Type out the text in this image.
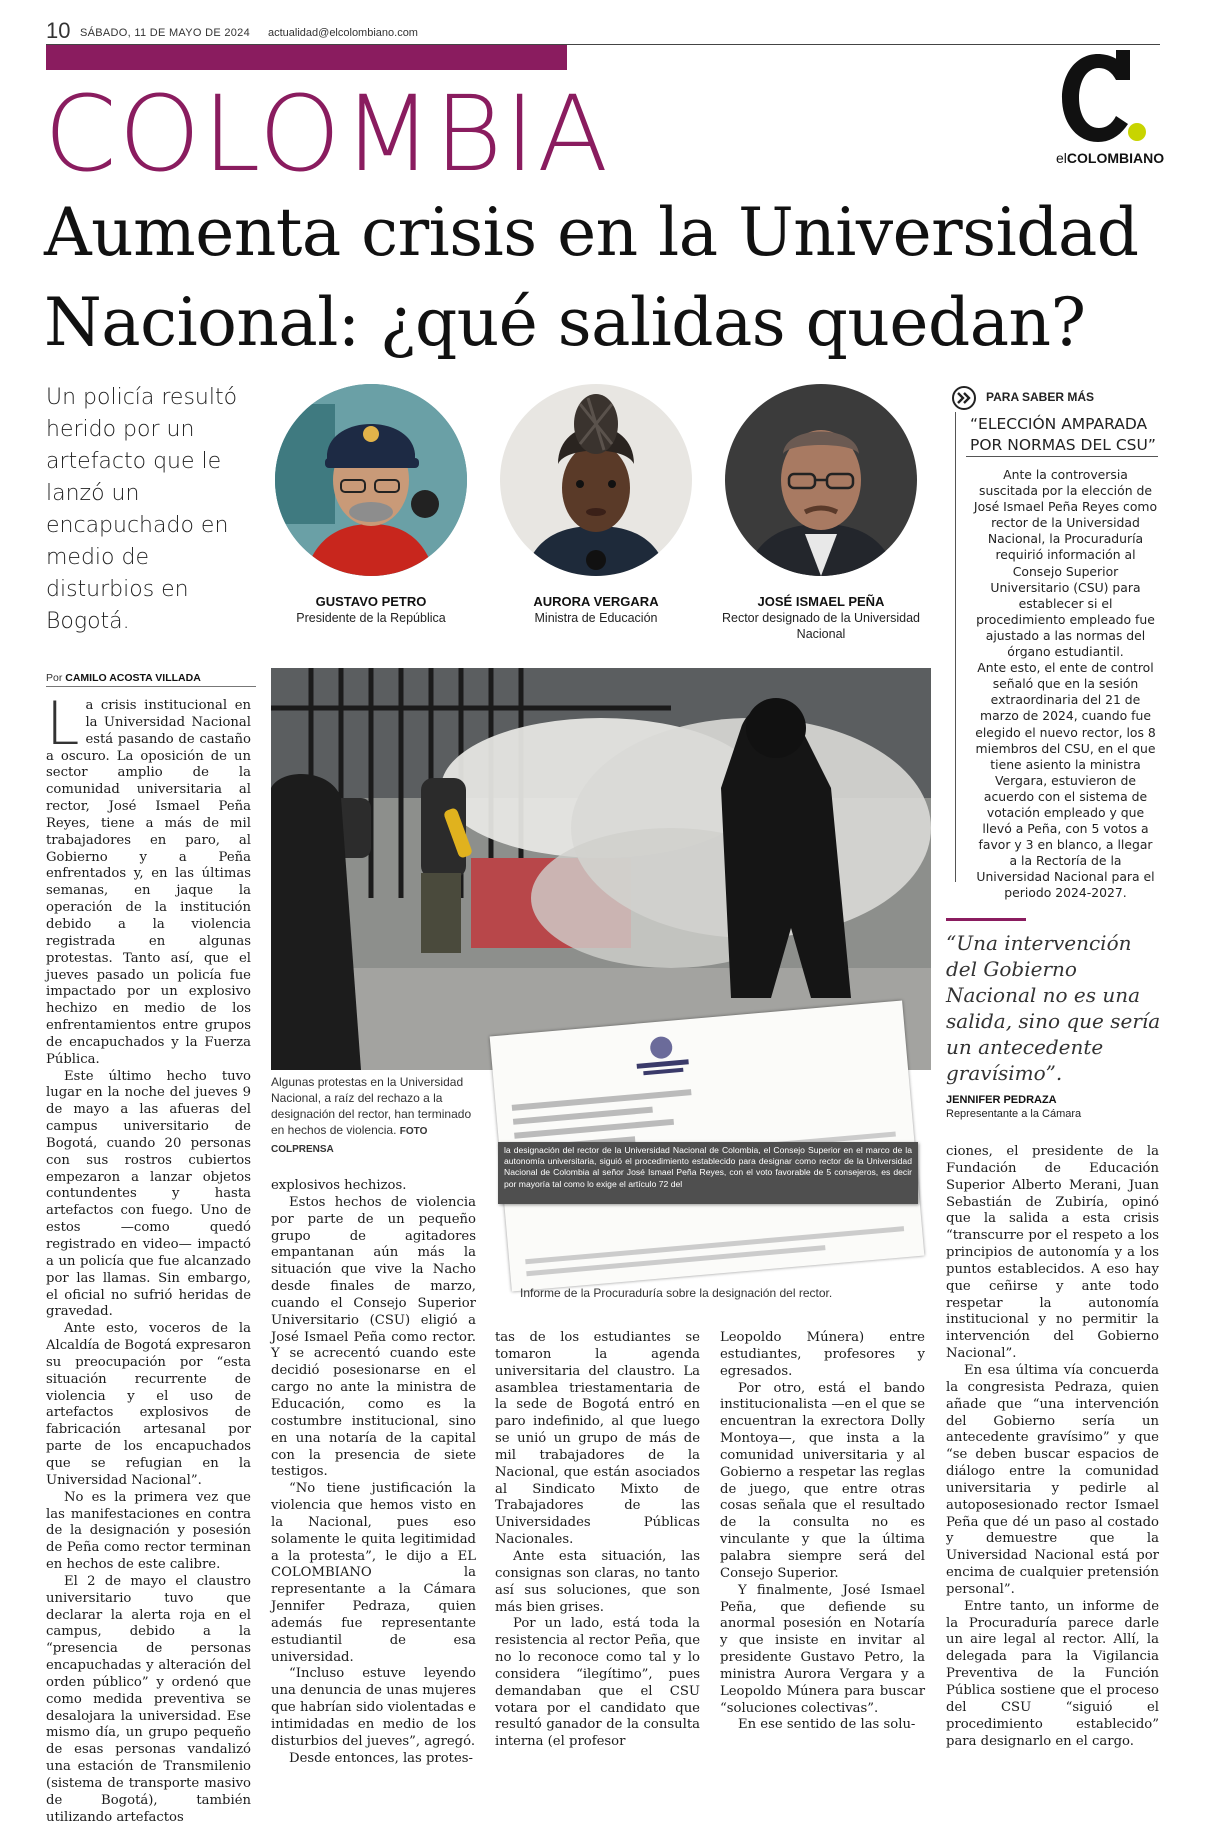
10 SÁBADO, 11 DE MAYO DE 2024 actualidad@elcolombiano.com
COLOMBIA	elCOLOMBIANO
Aumenta crisis en la Universidad Nacional: ¿qué salidas quedan?
Un policía resultó herido por un artefacto que le lanzó un encapuchado en medio de disturbios en Bogotá.
GUSTAVO PETRO
Presidente de la República
AURORA VERGARA
Ministra de Educación
JOSÉ ISMAEL PEÑA
Rector designado de la Universidad Nacional
PARA SABER MÁS
“ELECCIÓN AMPARADA POR NORMAS DEL CSU”
Ante la controversia suscitada por la elección de José Ismael Peña Reyes como rector de la Universidad Nacional, la Procuraduría requirió información al Consejo Superior Universitario (CSU) para establecer si el procedimiento empleado fue ajustado a las normas del órgano estudiantil.
Ante esto, el ente de control señaló que en la sesión extraordinaria del 21 de marzo de 2024, cuando fue elegido el nuevo rector, los 8 miembros del CSU, en el que tiene asiento la ministra Vergara, estuvieron de acuerdo con el sistema de votación empleado y que llevó a Peña, con 5 votos a favor y 3 en blanco, a llegar a la Rectoría de la Universidad Nacional para el periodo 2024-2027.
“Una intervención del Gobierno Nacional no es una salida, sino que sería un antecedente gravísimo”.
JENNIFER PEDRAZA
Representante a la Cámara
Por CAMILO ACOSTA VILLADA
Algunas protestas en la Universidad Nacional, a raíz del rechazo a la designación del rector, han terminado en hechos de violencia. FOTO COLPRENSA	la designación del rector de la Universidad Nacional de Colombia, el Consejo Superior en el marco de la autonomía universitaria, siguió el procedimiento establecido para designar como rector de la Universidad Nacional de Colombia al señor José Ismael Peña Reyes, con el voto favorable de 5 consejeros, es decir por mayoría tal como lo exige el artículo 72 del
Informe de la Procuraduría sobre la designación del rector.

La crisis institucional en la Universidad Nacional está pasando de castaño a oscuro. La oposición de un sector amplio de la comunidad universitaria al rector, José Ismael Peña Reyes, tiene a más de mil trabajadores en paro, al Gobierno y a Peña enfrentados y, en las últimas semanas, en jaque la operación de la institución debido a la violencia registrada en algunas protestas. Tanto así, que el jueves pasado un policía fue impactado por un explosivo hechizo en medio de los enfrentamientos entre grupos de encapuchados y la Fuerza Pública.

Este último hecho tuvo lugar en la noche del jueves 9 de mayo a las afueras del campus universitario de Bogotá, cuando 20 personas con sus rostros cubiertos empezaron a lanzar objetos contundentes y hasta artefactos con fuego. Uno de estos —como quedó registrado en video— impactó a un policía que fue alcanzado por las llamas. Sin embargo, el oficial no sufrió heridas de gravedad.

Ante esto, voceros de la Alcaldía de Bogotá expresaron su preocupación por “esta situación recurrente de violencia y el uso de artefactos explosivos de fabricación artesanal por parte de los encapuchados que se refugian en la Universidad Nacional”.

No es la primera vez que las manifestaciones en contra de la designación y posesión de Peña como rector terminan en hechos de este calibre.

El 2 de mayo el claustro universitario tuvo que declarar la alerta roja en el campus, debido a la “presencia de personas encapuchadas y alteración del orden público” y ordenó que como medida preventiva se desalojara la universidad. Ese mismo día, un grupo pequeño de esas personas vandalizó una estación de Transmilenio (sistema de transporte masivo de Bogotá), también utilizando artefactos

explosivos hechizos.

Estos hechos de violencia por parte de un pequeño grupo de agitadores empantanan aún más la situación que vive la Nacho desde finales de marzo, cuando el Consejo Superior Universitario (CSU) eligió a José Ismael Peña como rector. Y se acrecentó cuando este decidió posesionarse en el cargo no ante la ministra de Educación, como es la costumbre institucional, sino en una notaría de la capital con la presencia de siete testigos.

“No tiene justificación la violencia que hemos visto en la Nacional, pues eso solamente le quita legitimidad a la protesta”, le dijo a EL COLOMBIANO la representante a la Cámara Jennifer Pedraza, quien además fue representante estudiantil de esa universidad.

“Incluso estuve leyendo una denuncia de unas mujeres que habrían sido violentadas e intimidadas en medio de los disturbios del jueves”, agregó.

Desde entonces, las protes-

tas de los estudiantes se tomaron la agenda universitaria del claustro. La asamblea triestamentaria de la sede de Bogotá entró en paro indefinido, al que luego se unió un grupo de más de mil trabajadores de la Nacional, que están asociados al Sindicato Mixto de Trabajadores de las Universidades Públicas Nacionales.

Ante esta situación, las consignas son claras, no tanto así sus soluciones, que son más bien grises.

Por un lado, está toda la resistencia al rector Peña, que no lo reconoce como tal y lo considera “ilegítimo”, pues demandaban que el CSU votara por el candidato que resultó ganador de la consulta interna (el profesor

Leopoldo Múnera) entre estudiantes, profesores y egresados.

Por otro, está el bando institucionalista —en el que se encuentran la exrectora Dolly Montoya—, que insta a la comunidad universitaria y al Gobierno a respetar las reglas de juego, que entre otras cosas señala que el resultado de la consulta no es vinculante y que la última palabra siempre será del Consejo Superior.

Y finalmente, José Ismael Peña, que defiende su anormal posesión en Notaría y que insiste en invitar al presidente Gustavo Petro, la ministra Aurora Vergara y a Leopoldo Múnera para buscar “soluciones colectivas”.

En ese sentido de las solu-

ciones, el presidente de la Fundación de Educación Superior Alberto Merani, Juan Sebastián de Zubiría, opinó que la salida a esta crisis “transcurre por el respeto a los principios de autonomía y a los puntos establecidos. A eso hay que ceñirse y ante todo respetar la autonomía institucional y no permitir la intervención del Gobierno Nacional”.

En esa última vía concuerda la congresista Pedraza, quien añade que “una intervención del Gobierno sería un antecedente gravísimo” y que “se deben buscar espacios de diálogo entre la comunidad universitaria y pedirle al autoposesionado rector Ismael Peña que dé un paso al costado y demuestre que la Universidad Nacional está por encima de cualquier pretensión personal”.

Entre tanto, un informe de la Procuraduría parece darle un aire legal al rector. Allí, la delegada para la Vigilancia Preventiva de la Función Pública sostiene que el proceso del CSU “siguió el procedimiento establecido” para designarlo en el cargo.
